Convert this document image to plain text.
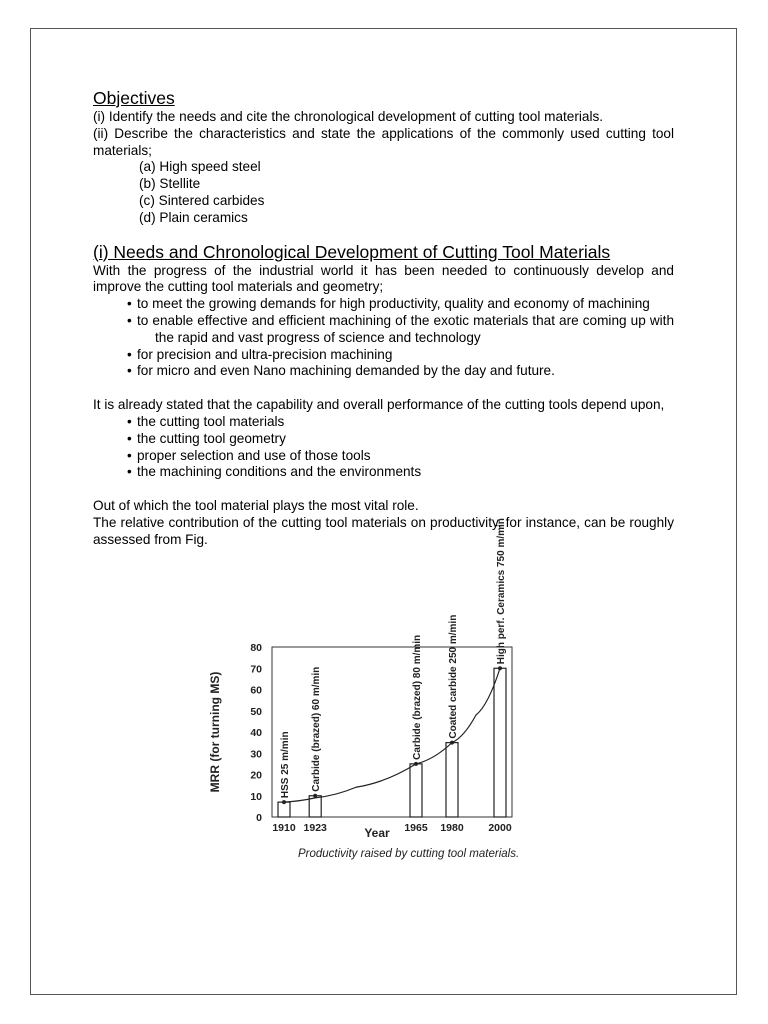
Objectives

(i) Identify the needs and cite the chronological development of cutting tool materials.

(ii) Describe the characteristics and state the applications of the commonly used cutting tool materials;

(a) High speed steel
(b) Stellite
(c) Sintered carbides
(d) Plain ceramics
(i) Needs and Chronological Development of Cutting Tool Materials

With the progress of the industrial world it has been needed to continuously develop and improve the cutting tool materials and geometry;

• to meet the growing demands for high productivity, quality and economy of machining
• to enable effective and efficient machining of the exotic materials that are coming up with the rapid and vast progress of science and technology
• for precision and ultra-precision machining
• for micro and even Nano machining demanded by the day and future.

It is already stated that the capability and overall performance of the cutting tools depend upon,

• the cutting tool materials
• the cutting tool geometry
• proper selection and use of those tools
• the machining conditions and the environments

Out of which the tool material plays the most vital role.

The relative contribution of the cutting tool materials on productivity, for instance, can be roughly assessed from Fig.

0
10
20
30
40
50
60
70
80
MRR (for turning MS)
1910
HSS 25 m/min
1923
Carbide (brazed) 60 m/min
1965
Carbide (brazed) 80 m/min
1980
Coated carbide 250 m/min
2000
High perf. Ceramics 750 m/min
Year
Productivity raised by cutting tool materials.
